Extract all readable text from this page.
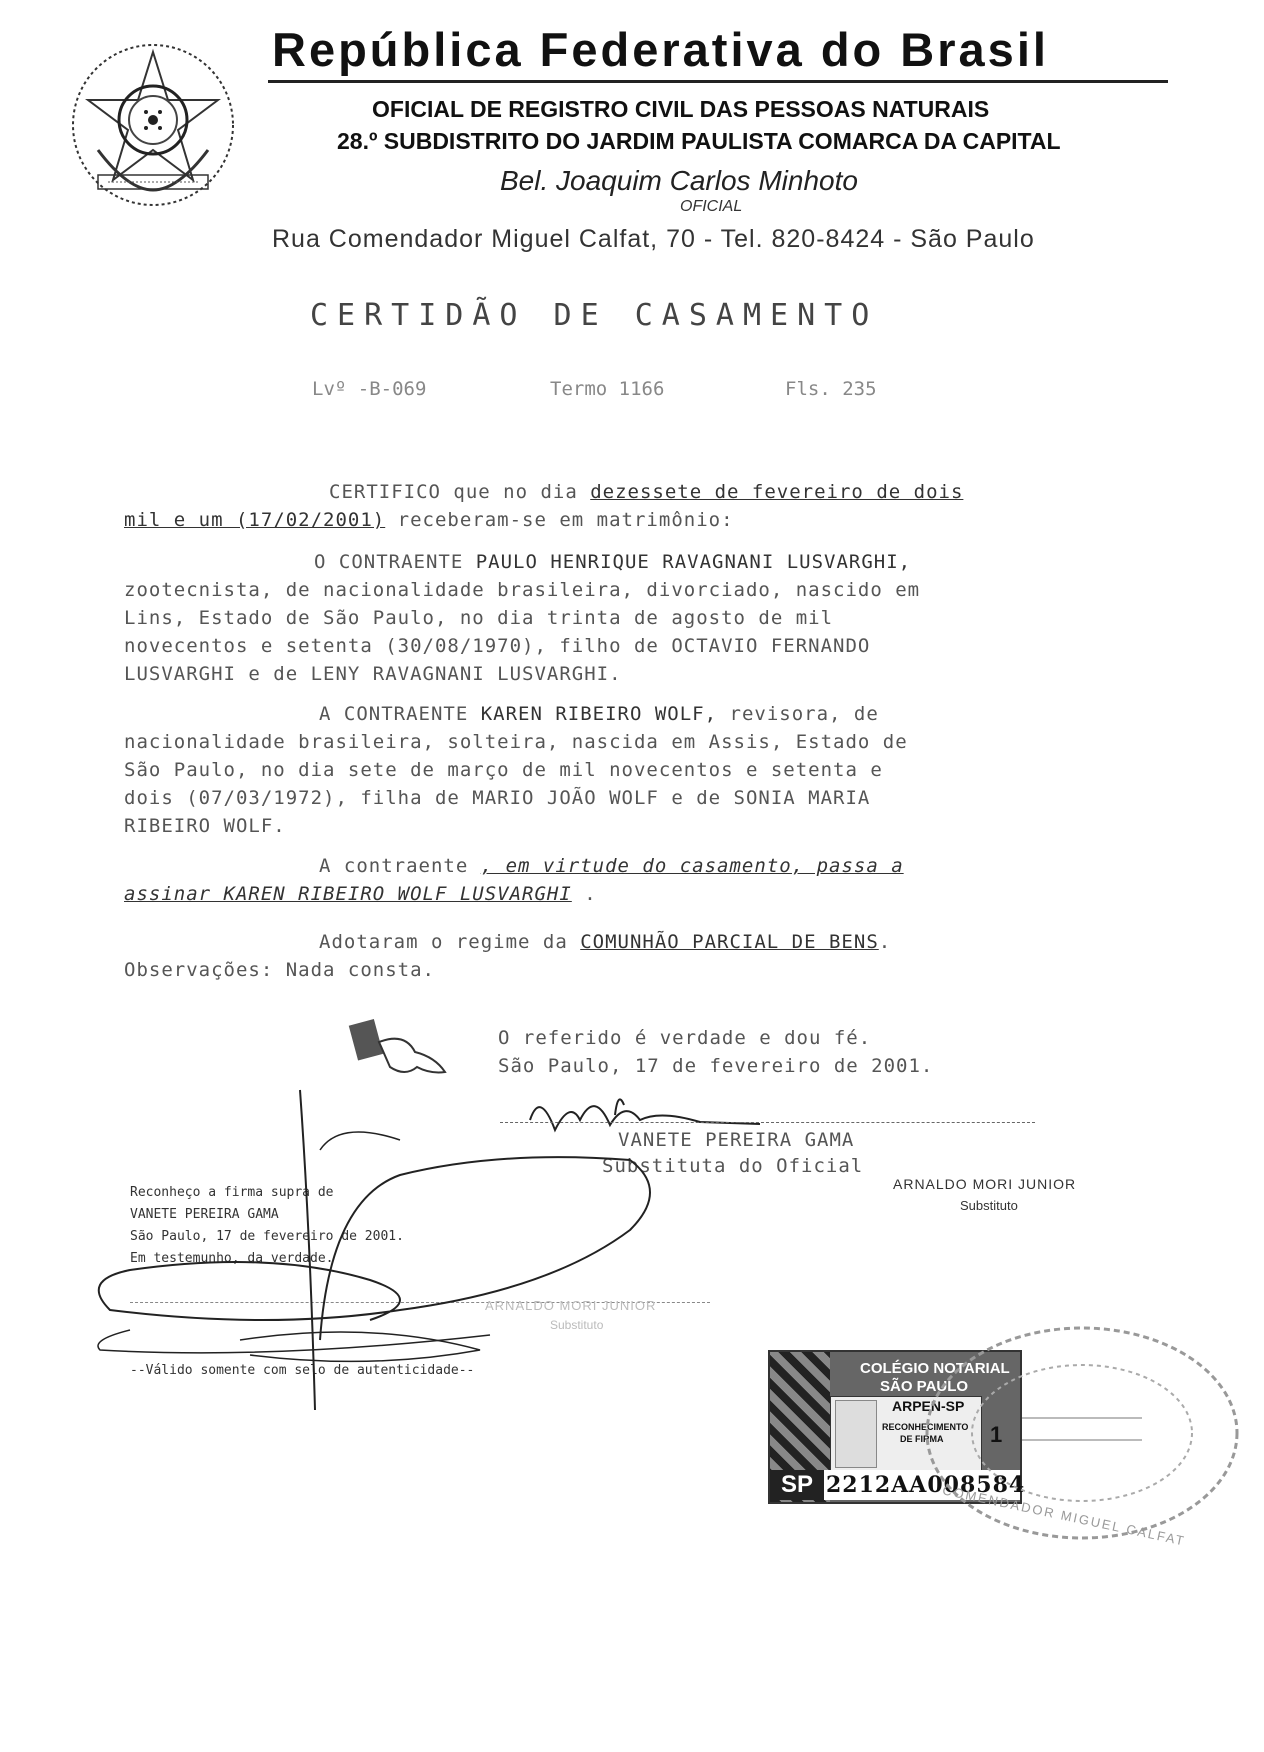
República Federativa do Brasil
OFICIAL DE REGISTRO CIVIL DAS PESSOAS NATURAIS
28.º SUBDISTRITO DO JARDIM PAULISTA COMARCA DA CAPITAL
Bel. Joaquim Carlos Minhoto
OFICIAL
Rua Comendador Miguel Calfat, 70 - Tel. 820-8424 - São Paulo
CERTIDÃO DE CASAMENTO
Lvº -B-069	Termo 1166	Fls. 235
CERTIFICO que no dia dezessete de fevereiro de dois
mil e um (17/02/2001) receberam-se em matrimônio:
O CONTRAENTE PAULO HENRIQUE RAVAGNANI LUSVARGHI,
zootecnista, de nacionalidade brasileira, divorciado, nascido em
Lins, Estado de São Paulo, no dia trinta de agosto de mil
novecentos e setenta (30/08/1970), filho de OCTAVIO FERNANDO
LUSVARGHI e de LENY RAVAGNANI LUSVARGHI.
A CONTRAENTE KAREN RIBEIRO WOLF, revisora, de
nacionalidade brasileira, solteira, nascida em Assis, Estado de
São Paulo, no dia sete de março de mil novecentos e setenta e
dois (07/03/1972), filha de MARIO JOÃO WOLF e de SONIA MARIA
RIBEIRO WOLF.
A contraente , em virtude do casamento, passa a
assinar KAREN RIBEIRO WOLF LUSVARGHI .
Adotaram o regime da COMUNHÃO PARCIAL DE BENS.
Observações: Nada consta.
O referido é verdade e dou fé.
São Paulo, 17 de fevereiro de 2001.
VANETE PEREIRA GAMA
Substituta do Oficial
ARNALDO MORI JUNIOR
Substituto
Reconheço a firma supra de
VANETE PEREIRA GAMA
São Paulo, 17 de fevereiro de 2001.
Em testemunho, da verdade.
ARNALDO MORI JUNIOR
Substituto
--Válido somente com selo de autenticidade--	COLÉGIO NOTARIAL
SÃO PAULO
ARPEN-SP
RECONHECIMENTO
DE FIRMA 1
SP 2212AA008584
COMENDADOR MIGUEL CALFAT
